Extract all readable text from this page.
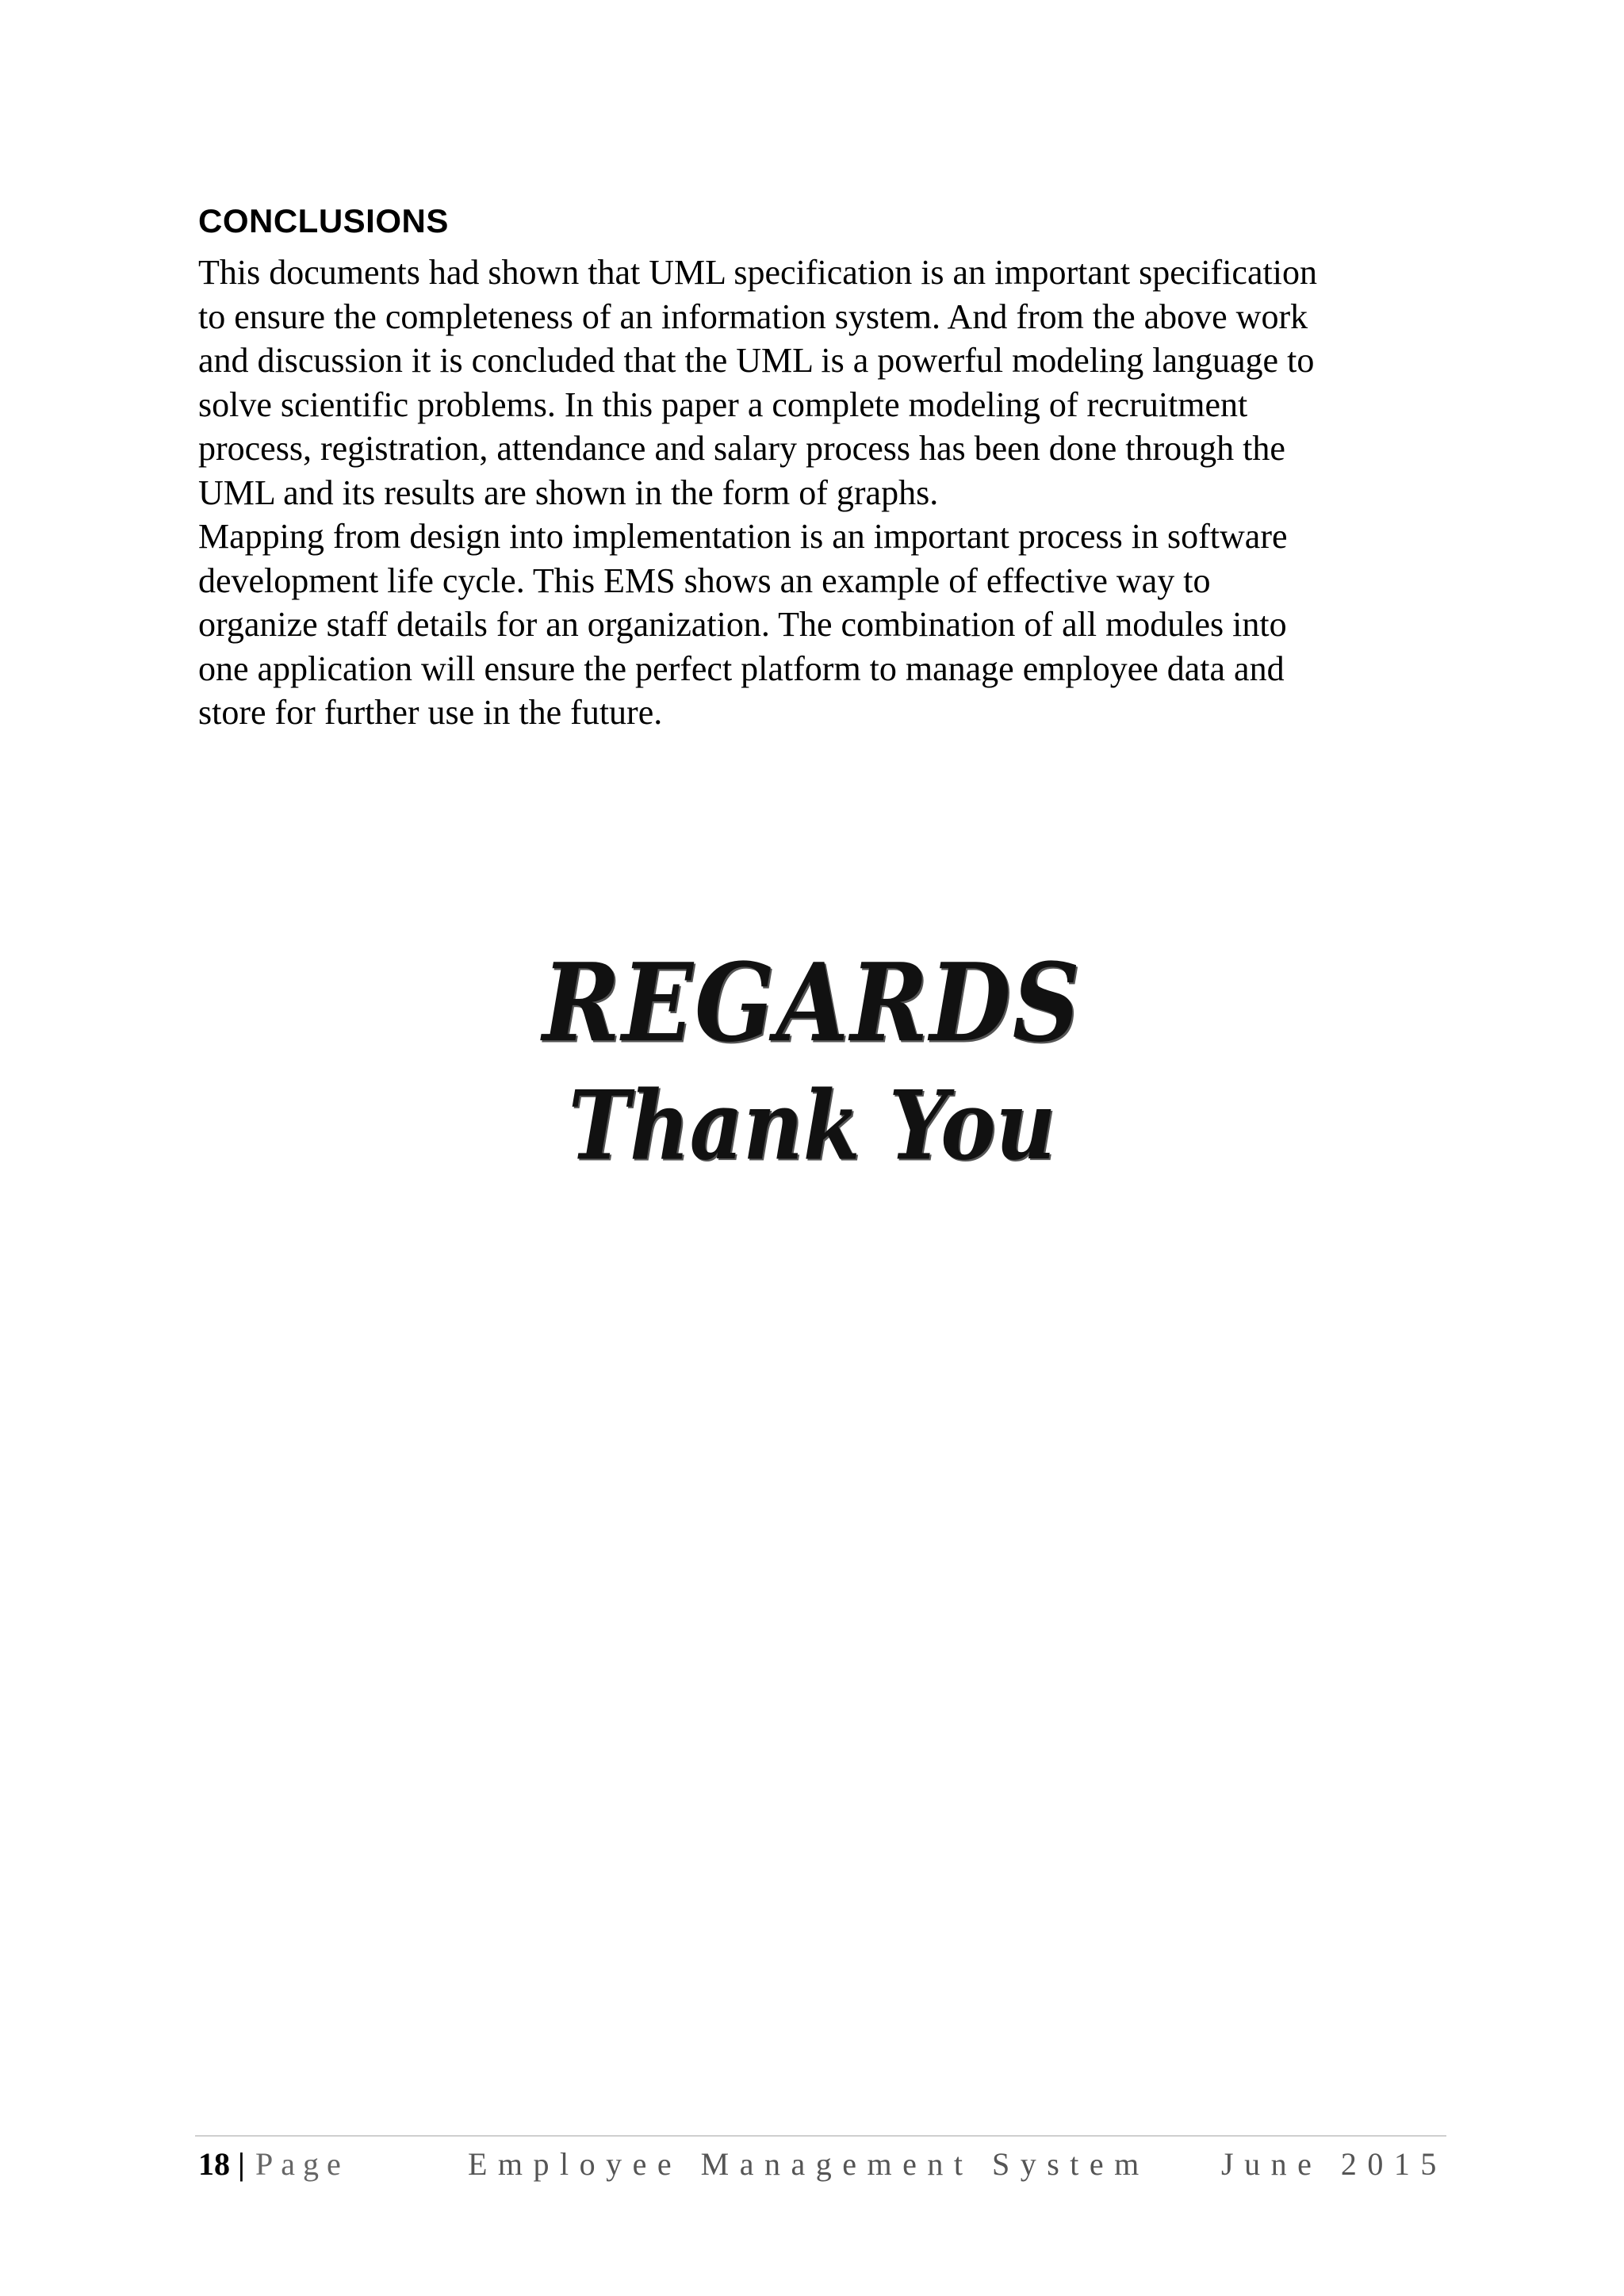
CONCLUSIONS

This documents had shown that UML specification is an important specification
to ensure the completeness of an information system. And from the above work
and discussion it is concluded that the UML is a powerful modeling language to
solve scientific problems. In this paper a complete modeling of recruitment
process, registration, attendance and salary process has been done through the
UML and its results are shown in the form of graphs.

Mapping from design into implementation is an important process in software
development life cycle. This EMS shows an example of effective way to
organize staff details for an organization. The combination of all modules into
one application will ensure the perfect platform to manage employee data and
store for further use in the future.

REGARDS
Thank You
18 | Page	Employee Management System June 2015
